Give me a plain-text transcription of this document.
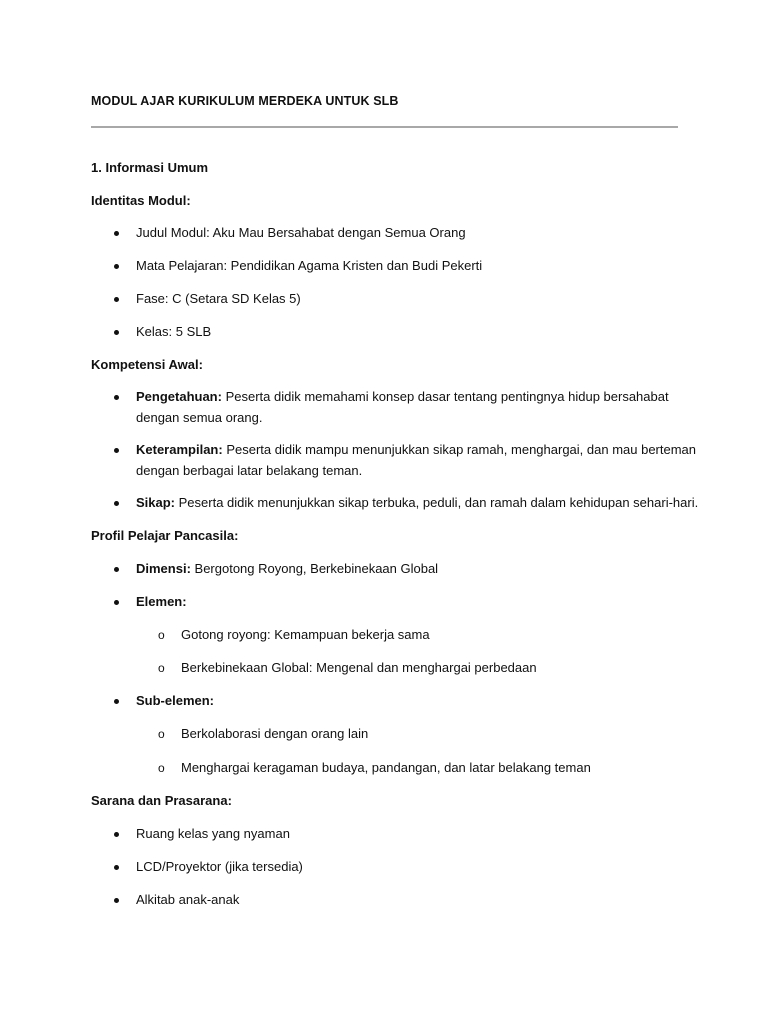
MODUL AJAR KURIKULUM MERDEKA UNTUK SLB
1. Informasi Umum
Identitas Modul:
Judul Modul: Aku Mau Bersahabat dengan Semua Orang
Mata Pelajaran: Pendidikan Agama Kristen dan Budi Pekerti
Fase: C (Setara SD Kelas 5)
Kelas: 5 SLB
Kompetensi Awal:
Pengetahuan: Peserta didik memahami konsep dasar tentang pentingnya hidup bersahabat
dengan semua orang.
Keterampilan: Peserta didik mampu menunjukkan sikap ramah, menghargai, dan mau berteman
dengan berbagai latar belakang teman.
Sikap: Peserta didik menunjukkan sikap terbuka, peduli, dan ramah dalam kehidupan sehari-hari.
Profil Pelajar Pancasila:
Dimensi: Bergotong Royong, Berkebinekaan Global
Elemen:
o Gotong royong: Kemampuan bekerja sama
o Berkebinekaan Global: Mengenal dan menghargai perbedaan
Sub-elemen:
o Berkolaborasi dengan orang lain
o Menghargai keragaman budaya, pandangan, dan latar belakang teman
Sarana dan Prasarana:
Ruang kelas yang nyaman
LCD/Proyektor (jika tersedia)
Alkitab anak-anak
